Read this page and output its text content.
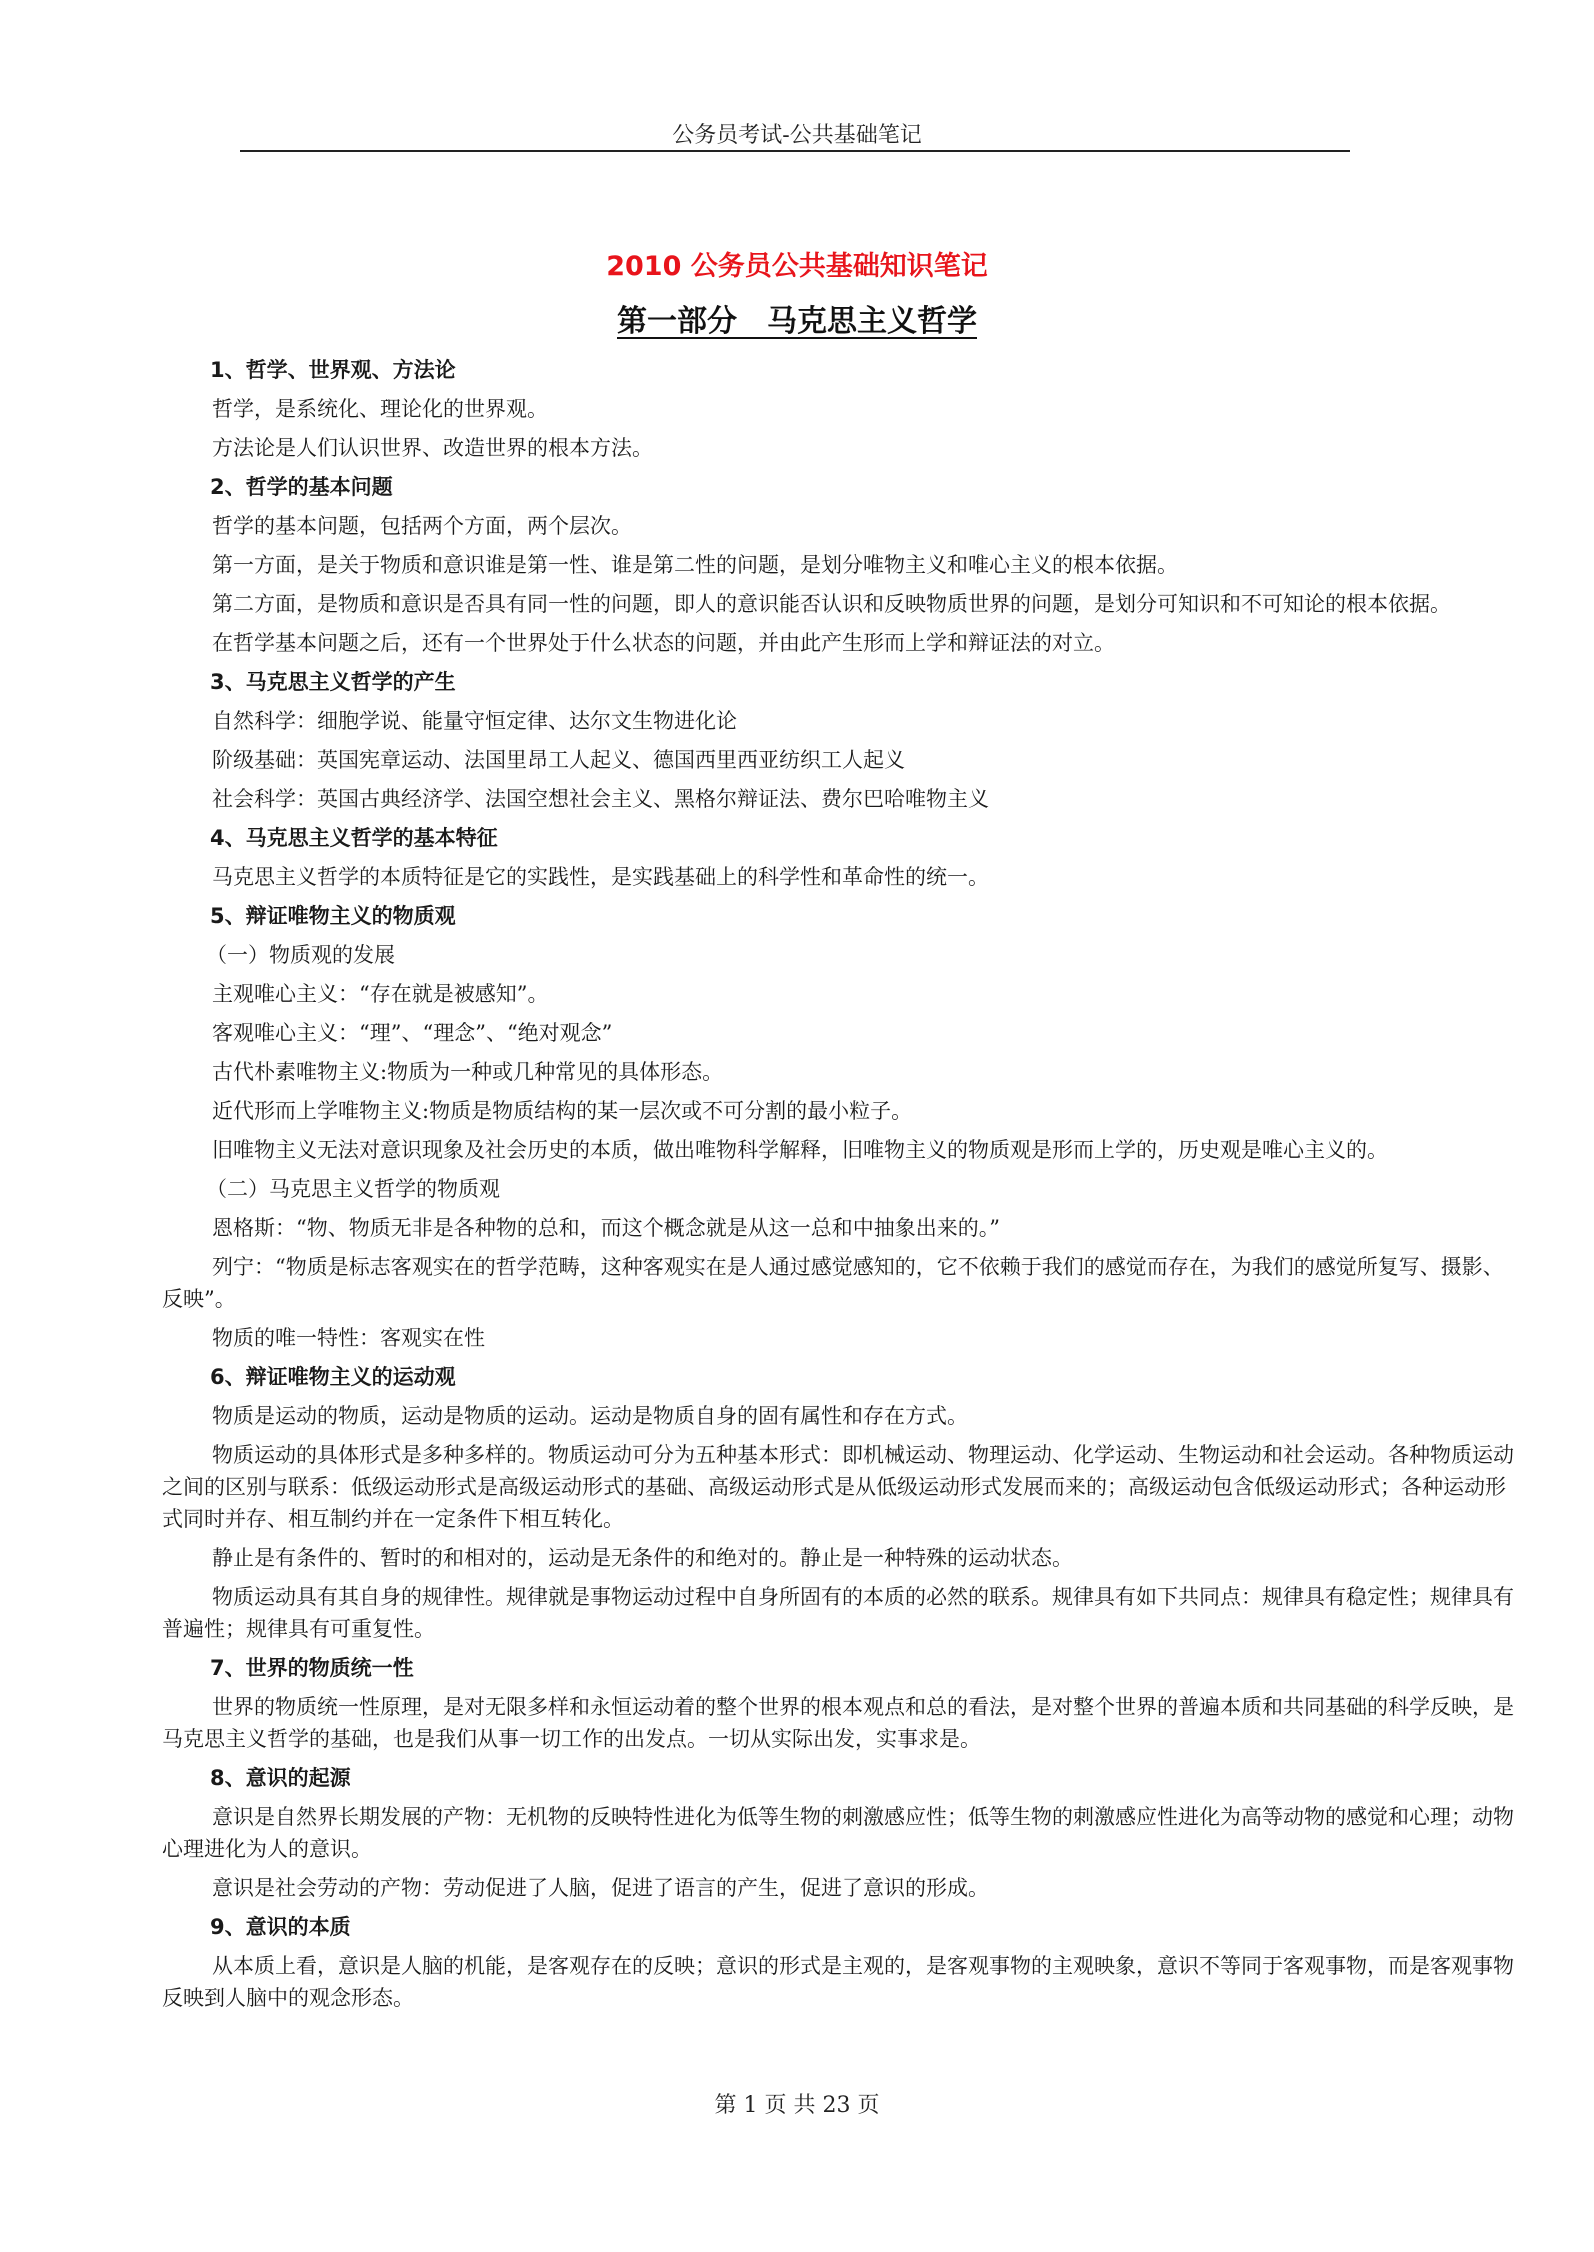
公务员考试-公共基础笔记
2010 公务员公共基础知识笔记
第一部分　马克思主义哲学

1、哲学、世界观、方法论

哲学，是系统化、理论化的世界观。

方法论是人们认识世界、改造世界的根本方法。

2、哲学的基本问题

哲学的基本问题，包括两个方面，两个层次。

第一方面，是关于物质和意识谁是第一性、谁是第二性的问题，是划分唯物主义和唯心主义的根本依据。

第二方面，是物质和意识是否具有同一性的问题，即人的意识能否认识和反映物质世界的问题，是划分可知识和不可知论的根本依据。

在哲学基本问题之后，还有一个世界处于什么状态的问题，并由此产生形而上学和辩证法的对立。

3、马克思主义哲学的产生

自然科学：细胞学说、能量守恒定律、达尔文生物进化论

阶级基础：英国宪章运动、法国里昂工人起义、德国西里西亚纺织工人起义

社会科学：英国古典经济学、法国空想社会主义、黑格尔辩证法、费尔巴哈唯物主义

4、马克思主义哲学的基本特征

马克思主义哲学的本质特征是它的实践性，是实践基础上的科学性和革命性的统一。

5、辩证唯物主义的物质观

（一）物质观的发展

主观唯心主义：“存在就是被感知”。

客观唯心主义：“理”、“理念”、“绝对观念”

古代朴素唯物主义:物质为一种或几种常见的具体形态。

近代形而上学唯物主义:物质是物质结构的某一层次或不可分割的最小粒子。

旧唯物主义无法对意识现象及社会历史的本质，做出唯物科学解释，旧唯物主义的物质观是形而上学的，历史观是唯心主义的。

（二）马克思主义哲学的物质观

恩格斯：“物、物质无非是各种物的总和，而这个概念就是从这一总和中抽象出来的。”

列宁：“物质是标志客观实在的哲学范畴，这种客观实在是人通过感觉感知的，它不依赖于我们的感觉而存在，为我们的感觉所复写、摄影、反映”。

物质的唯一特性：客观实在性

6、辩证唯物主义的运动观

物质是运动的物质，运动是物质的运动。运动是物质自身的固有属性和存在方式。

物质运动的具体形式是多种多样的。物质运动可分为五种基本形式：即机械运动、物理运动、化学运动、生物运动和社会运动。各种物质运动之间的区别与联系：低级运动形式是高级运动形式的基础、高级运动形式是从低级运动形式发展而来的；高级运动包含低级运动形式；各种运动形式同时并存、相互制约并在一定条件下相互转化。

静止是有条件的、暂时的和相对的，运动是无条件的和绝对的。静止是一种特殊的运动状态。

物质运动具有其自身的规律性。规律就是事物运动过程中自身所固有的本质的必然的联系。规律具有如下共同点：规律具有稳定性；规律具有普遍性；规律具有可重复性。

7、世界的物质统一性

世界的物质统一性原理，是对无限多样和永恒运动着的整个世界的根本观点和总的看法，是对整个世界的普遍本质和共同基础的科学反映，是马克思主义哲学的基础，也是我们从事一切工作的出发点。一切从实际出发，实事求是。

8、意识的起源

意识是自然界长期发展的产物：无机物的反映特性进化为低等生物的刺激感应性；低等生物的刺激感应性进化为高等动物的感觉和心理；动物心理进化为人的意识。

意识是社会劳动的产物：劳动促进了人脑，促进了语言的产生，促进了意识的形成。

9、意识的本质

从本质上看，意识是人脑的机能，是客观存在的反映；意识的形式是主观的，是客观事物的主观映象，意识不等同于客观事物，而是客观事物反映到人脑中的观念形态。

第 1 页 共 23 页
